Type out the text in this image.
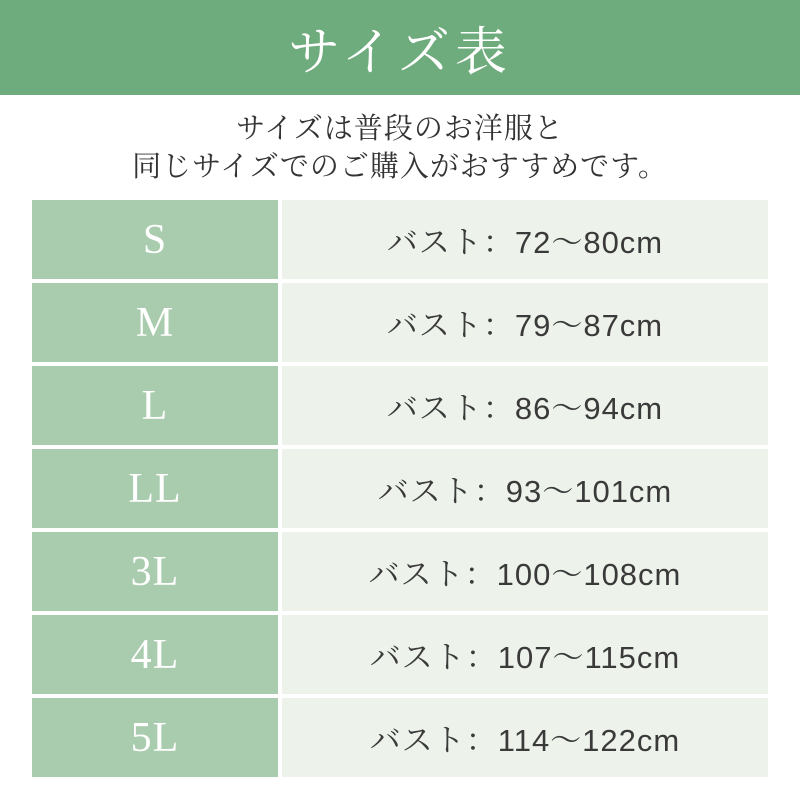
サイズ表
サイズは普段のお洋服と
同じサイズでのご購入がおすすめです。
S	バスト：72〜80cm
M	バスト：79〜87cm
L	バスト：86〜94cm
LL	バスト：93〜101cm
3L	バスト：100〜108cm
4L	バスト：107〜115cm
5L	バスト：114〜122cm
